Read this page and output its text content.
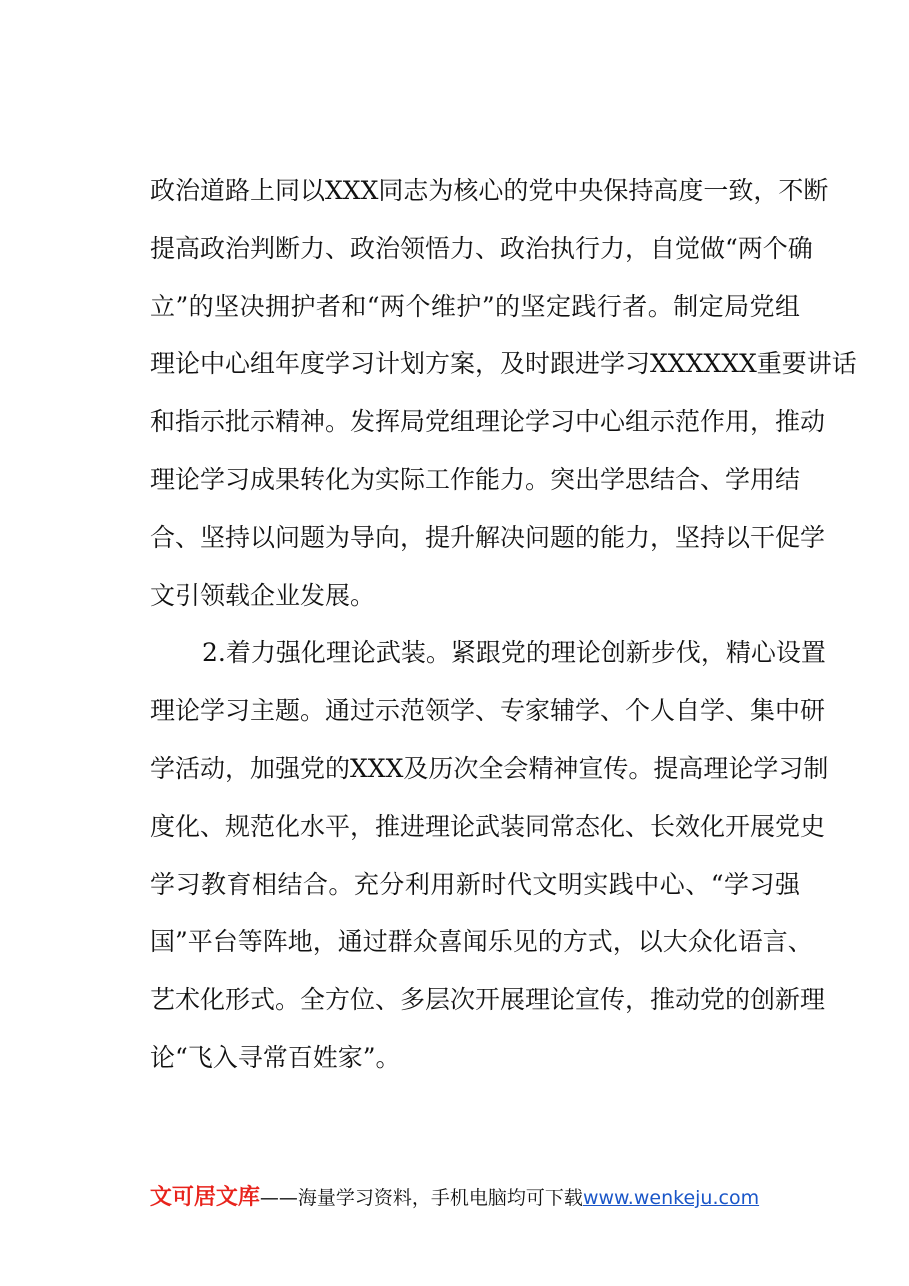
政治道路上同以XXX同志为核心的党中央保持高度一致，不断
提高政治判断力、政治领悟力、政治执行力，自觉做“两个确
立”的坚决拥护者和“两个维护”的坚定践行者。制定局党组
理论中心组年度学习计划方案，及时跟进学习XXXXXX重要讲话
和指示批示精神。发挥局党组理论学习中心组示范作用，推动
理论学习成果转化为实际工作能力。突出学思结合、学用结
合、坚持以问题为导向，提升解决问题的能力，坚持以干促学
文引领载企业发展。
2.着力强化理论武装。紧跟党的理论创新步伐，精心设置
理论学习主题。通过示范领学、专家辅学、个人自学、集中研
学活动，加强党的XXX及历次全会精神宣传。提高理论学习制
度化、规范化水平，推进理论武装同常态化、长效化开展党史
学习教育相结合。充分利用新时代文明实践中心、“学习强
国”平台等阵地，通过群众喜闻乐见的方式，以大众化语言、
艺术化形式。全方位、多层次开展理论宣传，推动党的创新理
论“飞入寻常百姓家”。
文可居文库——海量学习资料，手机电脑均可下载www.wenkeju.com
